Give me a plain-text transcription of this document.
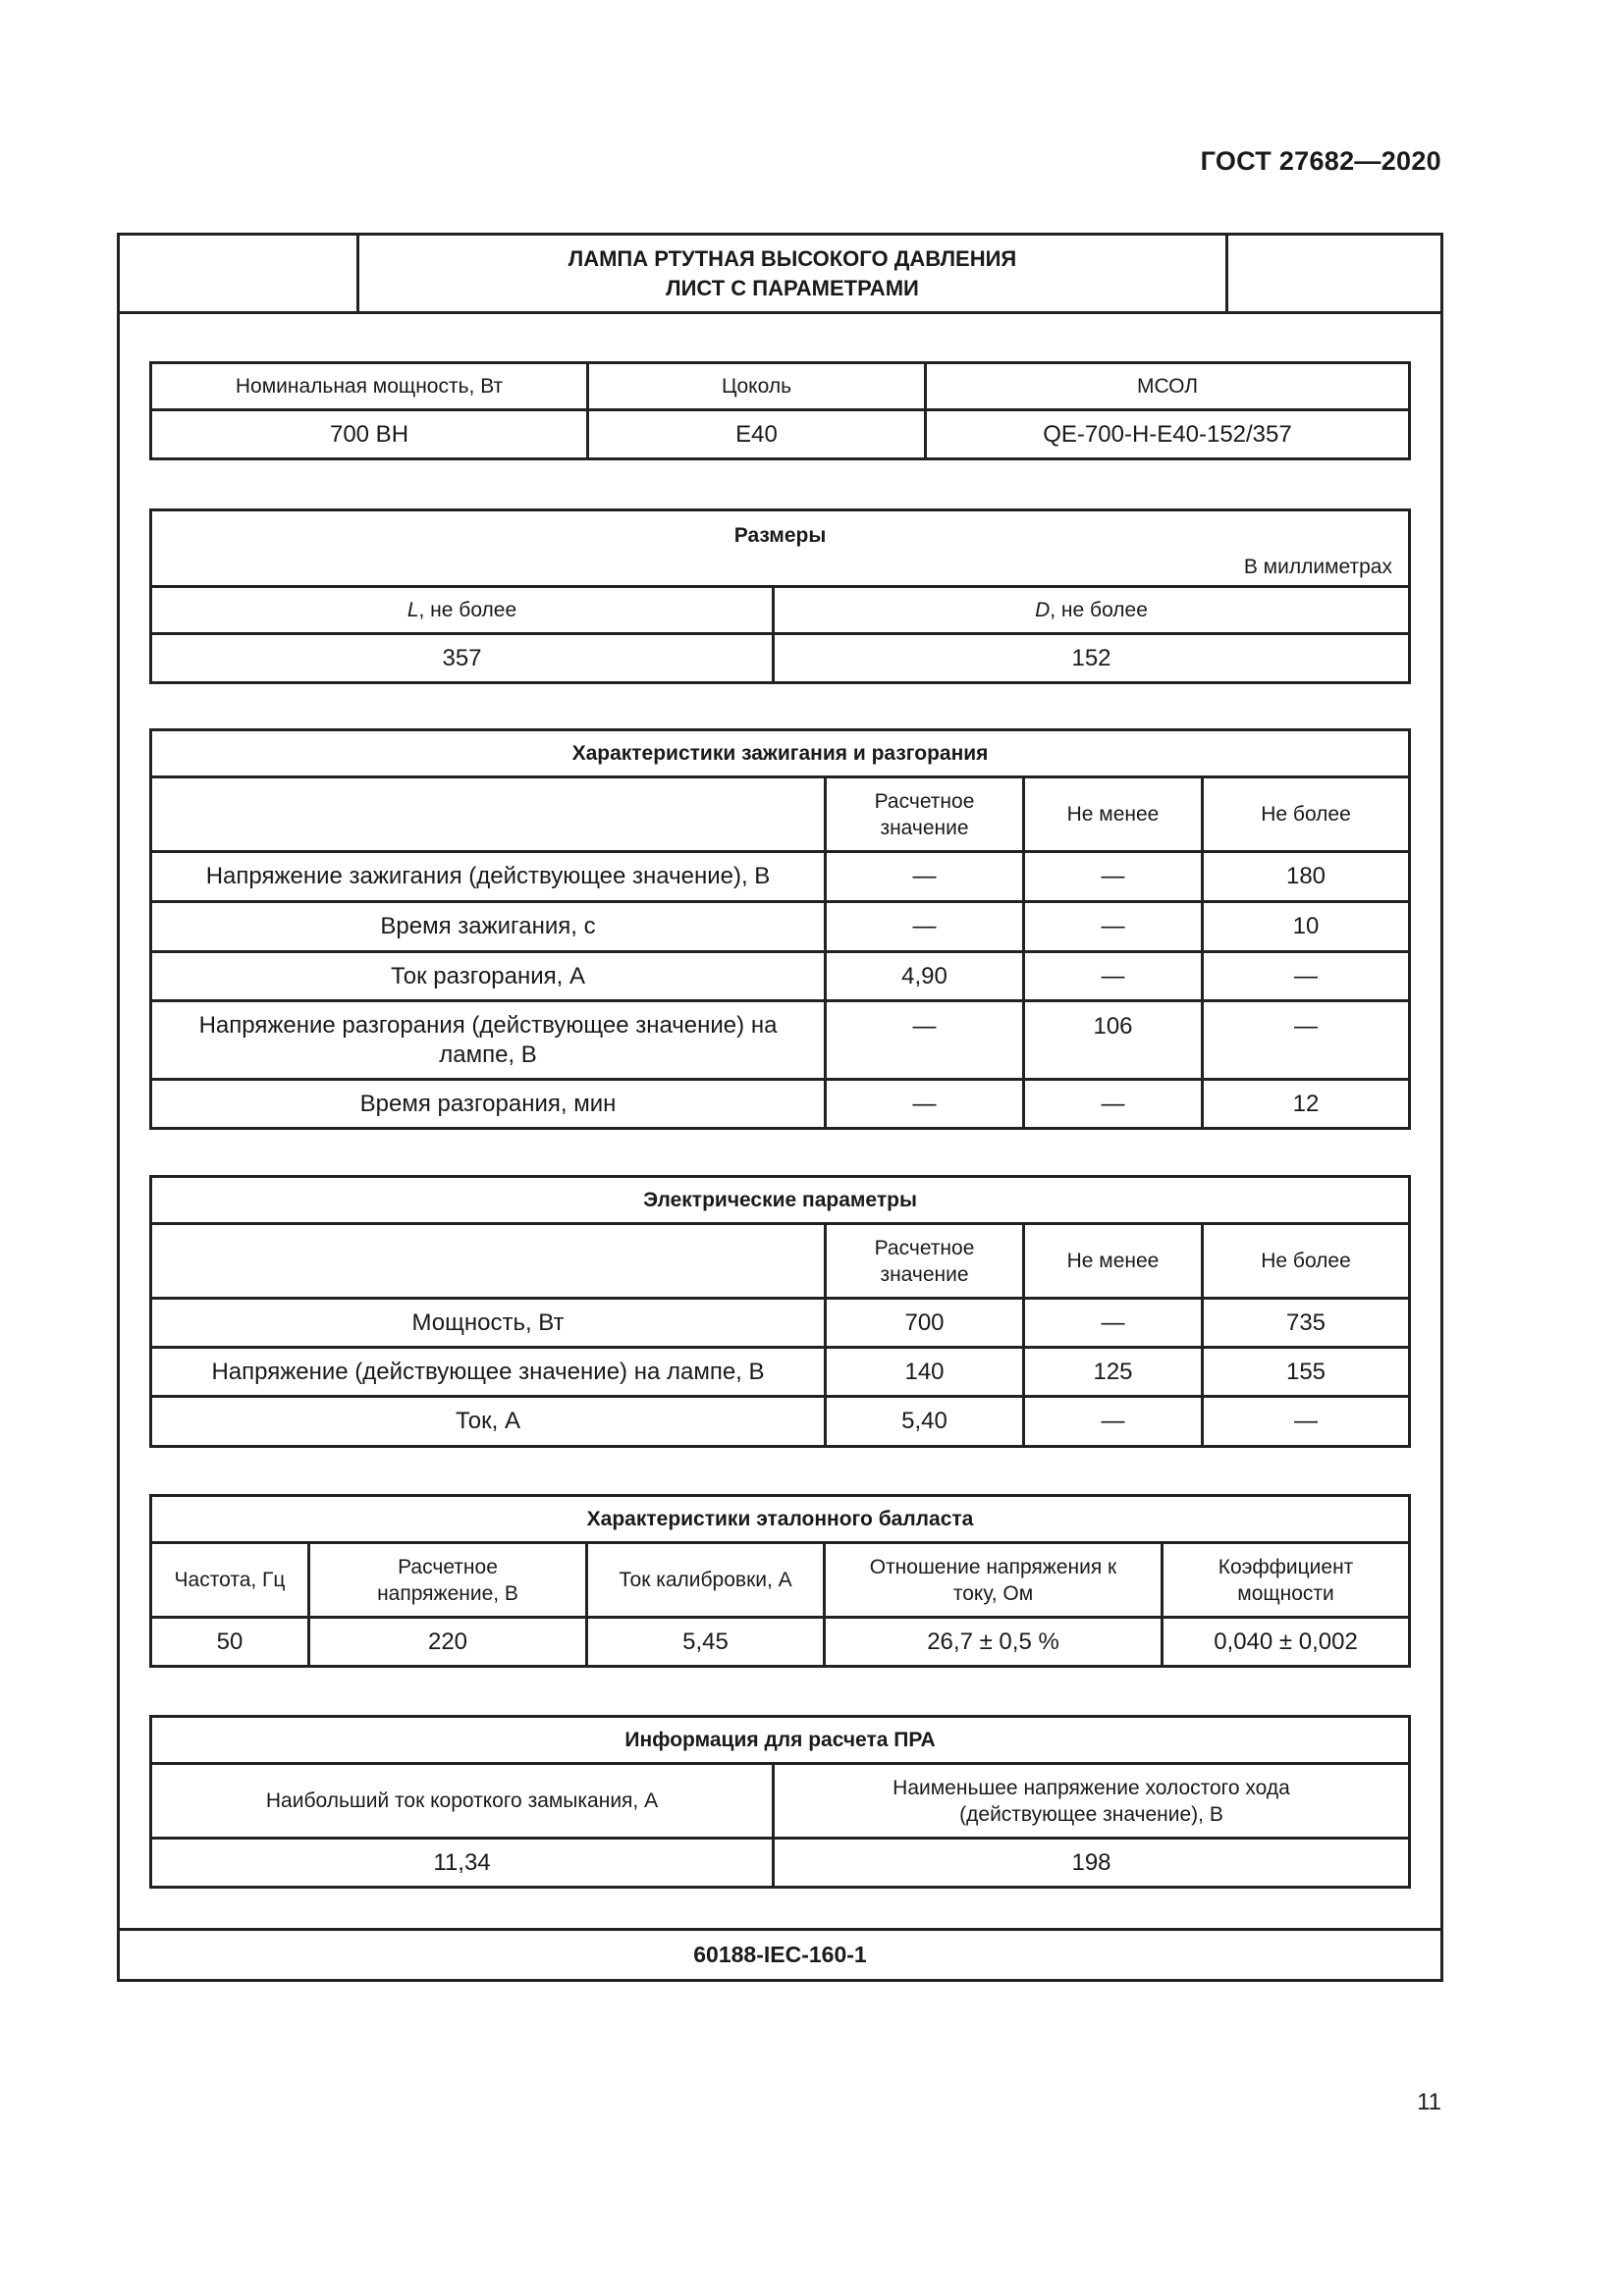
ГОСТ 27682—2020
ЛАМПА РТУТНАЯ ВЫСОКОГО ДАВЛЕНИЯ
ЛИСТ С ПАРАМЕТРАМИ
60188-IEC-160-1
Номинальная мощность, Вт	Цоколь	МСОЛ
700 ВН	E40	QE-700-H-E40-152/357
Размеры
В миллиметрах	

L, не более	D, не более
357	152
Характеристики зажигания и разгорания			
	Расчетное значение	Не менее	Не более
Напряжение зажигания (действующее значение), В	—	—	180
Время зажигания, с	—	—	10
Ток разгорания, А	4,90	—	—
Напряжение разгорания (действующее значение) на лампе, В	—	106	—
Время разгорания, мин	—	—	12
Электрические параметры			
	Расчетное значение	Не менее	Не более
Мощность, Вт	700	—	735
Напряжение (действующее значение) на лампе, В	140	125	155
Ток, А	5,40	—	—
Характеристики эталонного балласта				
Частота, Гц	Расчетное напряжение, В	Ток калибровки, А	Отношение напряжения к току, Ом	Коэффициент мощности
50	220	5,45	26,7 ± 0,5 %	0,040 ± 0,002
Информация для расчета ПРА	
Наибольший ток короткого замыкания, А	Наименьшее напряжение холостого хода (действующее значение), В
11,34	198
11
